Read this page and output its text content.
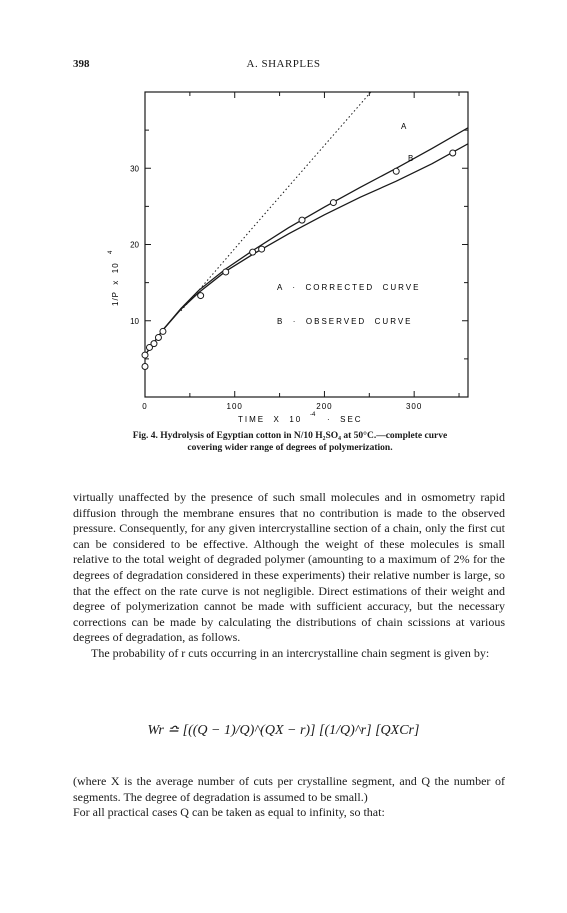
398	A. SHARPLES
0	100	200	300
10
20
30
A
B
A  ·  CORRECTED  CURVE
B  ·  OBSERVED  CURVE
TIME  X  10 -4 ·  SEC
1/P  x  10
4
Fig. 4. Hydrolysis of Egyptian cotton in N/10 H₂SO₄ at 50°C.—complete curve
covering wider range of degrees of polymerization.

virtually unaffected by the presence of such small molecules and in osmometry rapid diffusion through the membrane ensures that no contribution is made to the observed pressure. Consequently, for any given intercrystalline section of a chain, only the first cut can be considered to be effective. Although the weight of these molecules is small relative to the total weight of degraded polymer (amounting to a maximum of 2% for the degrees of degradation considered in these experiments) their relative number is large, so that the effect on the rate curve is not negligible. Direct estimations of their weight and degree of polymerization cannot be made with sufficient accuracy, but the necessary corrections can be made by calculating the distributions of chain scissions at various degrees of degradation, as follows.

The probability of r cuts occurring in an intercrystalline chain segment is given by:

Wr ≏ [((Q − 1)/Q)^(QX − r)] [(1/Q)^r] [QXCr]

(where X is the average number of cuts per crystalline segment, and Q the number of segments. The degree of degradation is assumed to be small.)

For all practical cases Q can be taken as equal to infinity, so that:
